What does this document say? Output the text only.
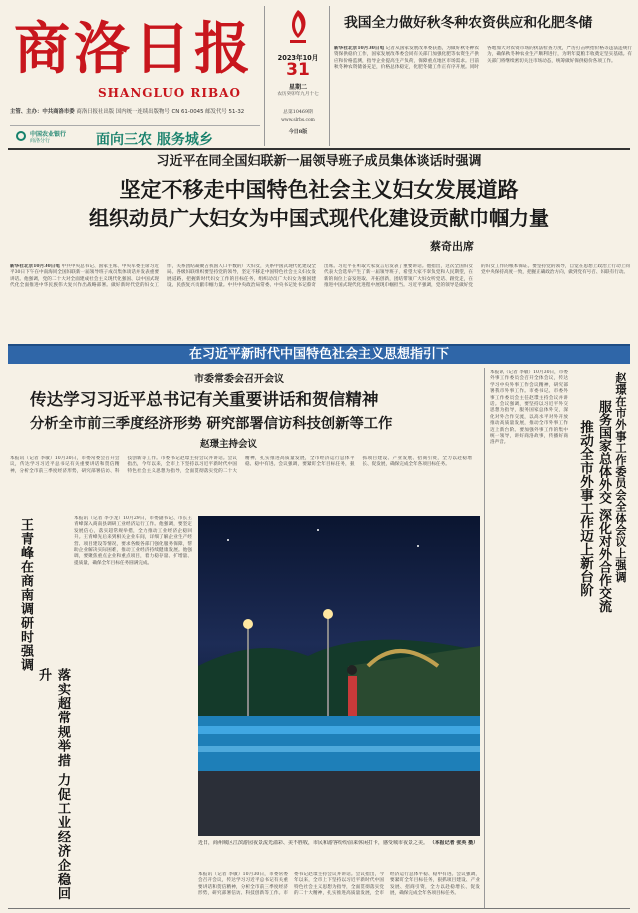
商洛日报
SHANGLUO RIBAO
主管、主办：中共商洛市委 商洛日报社出版 国内统一连续出版物号 CN 61-0045 邮发代号 51-32
中国农业银行
商洛分行	面向三农 服务城乡
2023年10月
31
星期二
农历癸卯年九月十七
总第10469期
www.slrbs.com
今日8版
我国全力做好秋冬种农资供应和化肥冬储
新华社北京10月30日电 记者从国家发展改革委获悉，为做好秋冬种农资保供稳价工作，国家发展改革委会同有关部门加强化肥等农资生产供应和价格监测，指导企业提高生产负荷，保障重点地区市场需求。目前秋冬种农资储备充足，价格总体稳定，化肥冬储工作正有序开展。同时各地加大对农资市场的执法检查力度，严厉打击哄抬价格等违法违规行为，确保秋冬种农业生产顺利进行，为明年夏粮丰收奠定坚实基础。有关部门将继续密切关注市场动态，统筹做好保供稳价各项工作。
习近平在同全国妇联新一届领导班子成员集体谈话时强调
坚定不移走中国特色社会主义妇女发展道路
组织动员广大妇女为中国式现代化建设贡献巾帼力量
蔡奇出席
新华社北京10月30日电 中共中央总书记、国家主席、中央军委主席习近平30日下午在中南海同全国妇联新一届领导班子成员集体谈话并发表重要讲话。他强调，党的二十大对全面建成社会主义现代化强国、以中国式现代化全面推进中华民族伟大复兴作出战略部署。做好新时代党的妇女工作，关系团结凝聚占我国人口半数的广大妇女，关系中国式现代化建设全局。各级妇联组织要坚持党的领导，坚定不移走中国特色社会主义妇女发展道路，把握新时代妇女工作的目标任务，组织动员广大妇女为强国建设、民族复兴贡献巾帼力量。中共中央政治局常委、中央书记处书记蔡奇出席。习近平在听取大家发言后发表了重要讲话。他指出，这次全国妇女代表大会选举产生了新一届领导班子，希望大家不辜负党和人民期望，在新的岗位上奋发进取、开拓创新，团结带领广大妇女听党话、跟党走，在推进中国式现代化进程中展现巾帼担当。习近平强调，党的领导是做好党的妇女工作的根本保证。要坚持党的领导，自觉在思想上政治上行动上同党中央保持高度一致，把握正确政治方向，做到党有号召、妇联有行动。
在习近平新时代中国特色社会主义思想指引下
市委常委会召开会议
传达学习习近平总书记有关重要讲话和贺信精神
分析全市前三季度经济形势 研究部署信访科技创新等工作
赵璟主持会议
本报讯（记者 李敏）10月30日，市委常委会召开会议，传达学习习近平总书记有关重要讲话和贺信精神，分析全市前三季度经济形势，研究部署信访、科技创新等工作。市委书记赵璟主持会议并讲话。会议指出，今年以来，全市上下坚持以习近平新时代中国特色社会主义思想为指导，全面贯彻落实党的二十大精神，扎实推进高质量发展，全市经济运行总体平稳、稳中有进。会议强调，要紧盯全年目标任务，狠抓项目建设、产业发展、招商引资，全力以赴稳增长、促发展，确保完成全年各项目标任务。
王青峰在商南调研时强调
落实超常规举措 力促工业经济企稳回升
本报讯（记者 李小龙）10月29日，市委副书记、市长王青峰深入商南县调研工业经济运行工作。他强调，要坚定发展信心，落实超常规举措，全力推动工业经济企稳回升。王青峰先后来到相关企业车间，详细了解企业生产经营、项目建设等情况，要求各级各部门强化服务保障，帮助企业解决实际困难，推动工业经济持续健康发展。他强调，要聚焦重点企业和重点项目，着力稳存量、扩增量、提质量，确保全年目标任务圆满完成。
近日，商州城区江滨游园夜景流光溢彩、美不胜收，市民和游客纷纷前来休闲打卡，感受城市夜景之美。 （本报记者 张英 摄）
本报讯（记者 李敏）10月30日，市委常委会召开会议，传达学习习近平总书记有关重要讲话和贺信精神，分析全市前三季度经济形势，研究部署信访、科技创新等工作。市委书记赵璟主持会议并讲话。会议指出，今年以来，全市上下坚持以习近平新时代中国特色社会主义思想为指导，全面贯彻落实党的二十大精神，扎实推进高质量发展，全市经济运行总体平稳、稳中有进。会议强调，要紧盯全年目标任务，狠抓项目建设、产业发展、招商引资，全力以赴稳增长、促发展，确保完成全年各项目标任务。
本报讯（记者 李敏）10月30日，市委外事工作委员会召开全体会议，传达学习中央外事工作会议精神，研究部署我市外事工作。市委书记、市委外事工作委员会主任赵璟主持会议并讲话。会议强调，要坚持以习近平外交思想为指导，服务国家总体外交，深化对外合作交流，以高水平对外开放推动高质量发展，推动全市外事工作迈上新台阶。要加强外事工作的集中统一领导，讲好商洛故事，传播好商洛声音。	赵璟在市外事工作委员会全体会议上强调
服务国家总体外交 深化对外合作交流
推动全市外事工作迈上新台阶
